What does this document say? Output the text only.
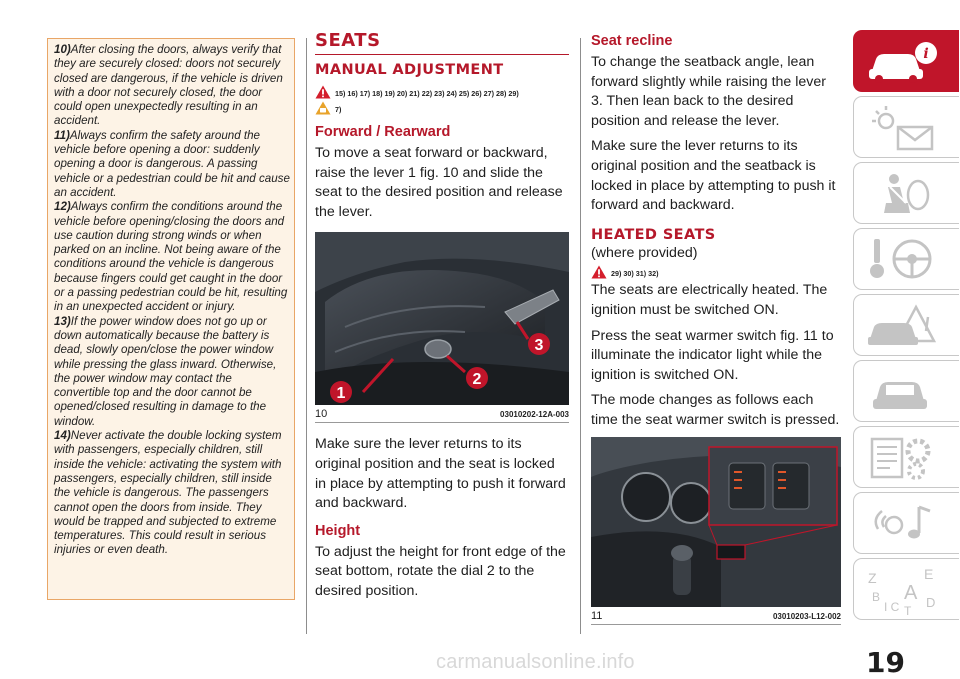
10)After closing the doors, always verify that they are securely closed: doors not securely closed are dangerous, if the vehicle is driven with a door not securely closed, the door could open unexpectedly resulting in an accident.

11)Always confirm the safety around the vehicle before opening a door: suddenly opening a door is dangerous. A passing vehicle or a pedestrian could be hit and cause an accident.

12)Always confirm the conditions around the vehicle before opening/closing the doors and use caution during strong winds or when parked on an incline. Not being aware of the conditions around the vehicle is dangerous because fingers could get caught in the door or a passing pedestrian could be hit, resulting in an unexpected accident or injury.

13)If the power window does not go up or down automatically because the battery is dead, slowly open/close the power window while pressing the glass inward. Otherwise, the power window may contact the convertible top and the door cannot be opened/closed resulting in damage to the window.

14)Never activate the double locking system with passengers, especially children, still inside the vehicle: activating the system with passengers, especially children, still inside the vehicle is dangerous. The passengers cannot open the doors from inside. They would be trapped and subjected to extreme temperatures. This could result in serious injuries or even death.

SEATS
MANUAL ADJUSTMENT
15) 16) 17) 18) 19) 20) 21) 22) 23) 24) 25) 26) 27) 28) 29)
7)
Forward / Rearward

To move a seat forward or backward, raise the lever 1 fig. 10 and slide the seat to the desired position and release the lever.

1
2
3
10	03010202-12A-003

Make sure the lever returns to its original position and the seat is locked in place by attempting to push it forward and backward.

Height

To adjust the height for front edge of the seat bottom, rotate the dial 2 to the desired position.

Seat recline

To change the seatback angle, lean forward slightly while raising the lever 3. Then lean back to the desired position and release the lever.

Make sure the lever returns to its original position and the seatback is locked in place by attempting to push it forward and backward.

HEATED SEATS

(where provided)

29) 30) 31) 32)

The seats are electrically heated. The ignition must be switched ON.

Press the seat warmer switch fig. 11 to illuminate the indicator light while the ignition is switched ON.

The mode changes as follows each time the seat warmer switch is pressed.

11	03010203-L12-002
i
Z	E
B A
I C D
T
19
carmanualsonline.info
